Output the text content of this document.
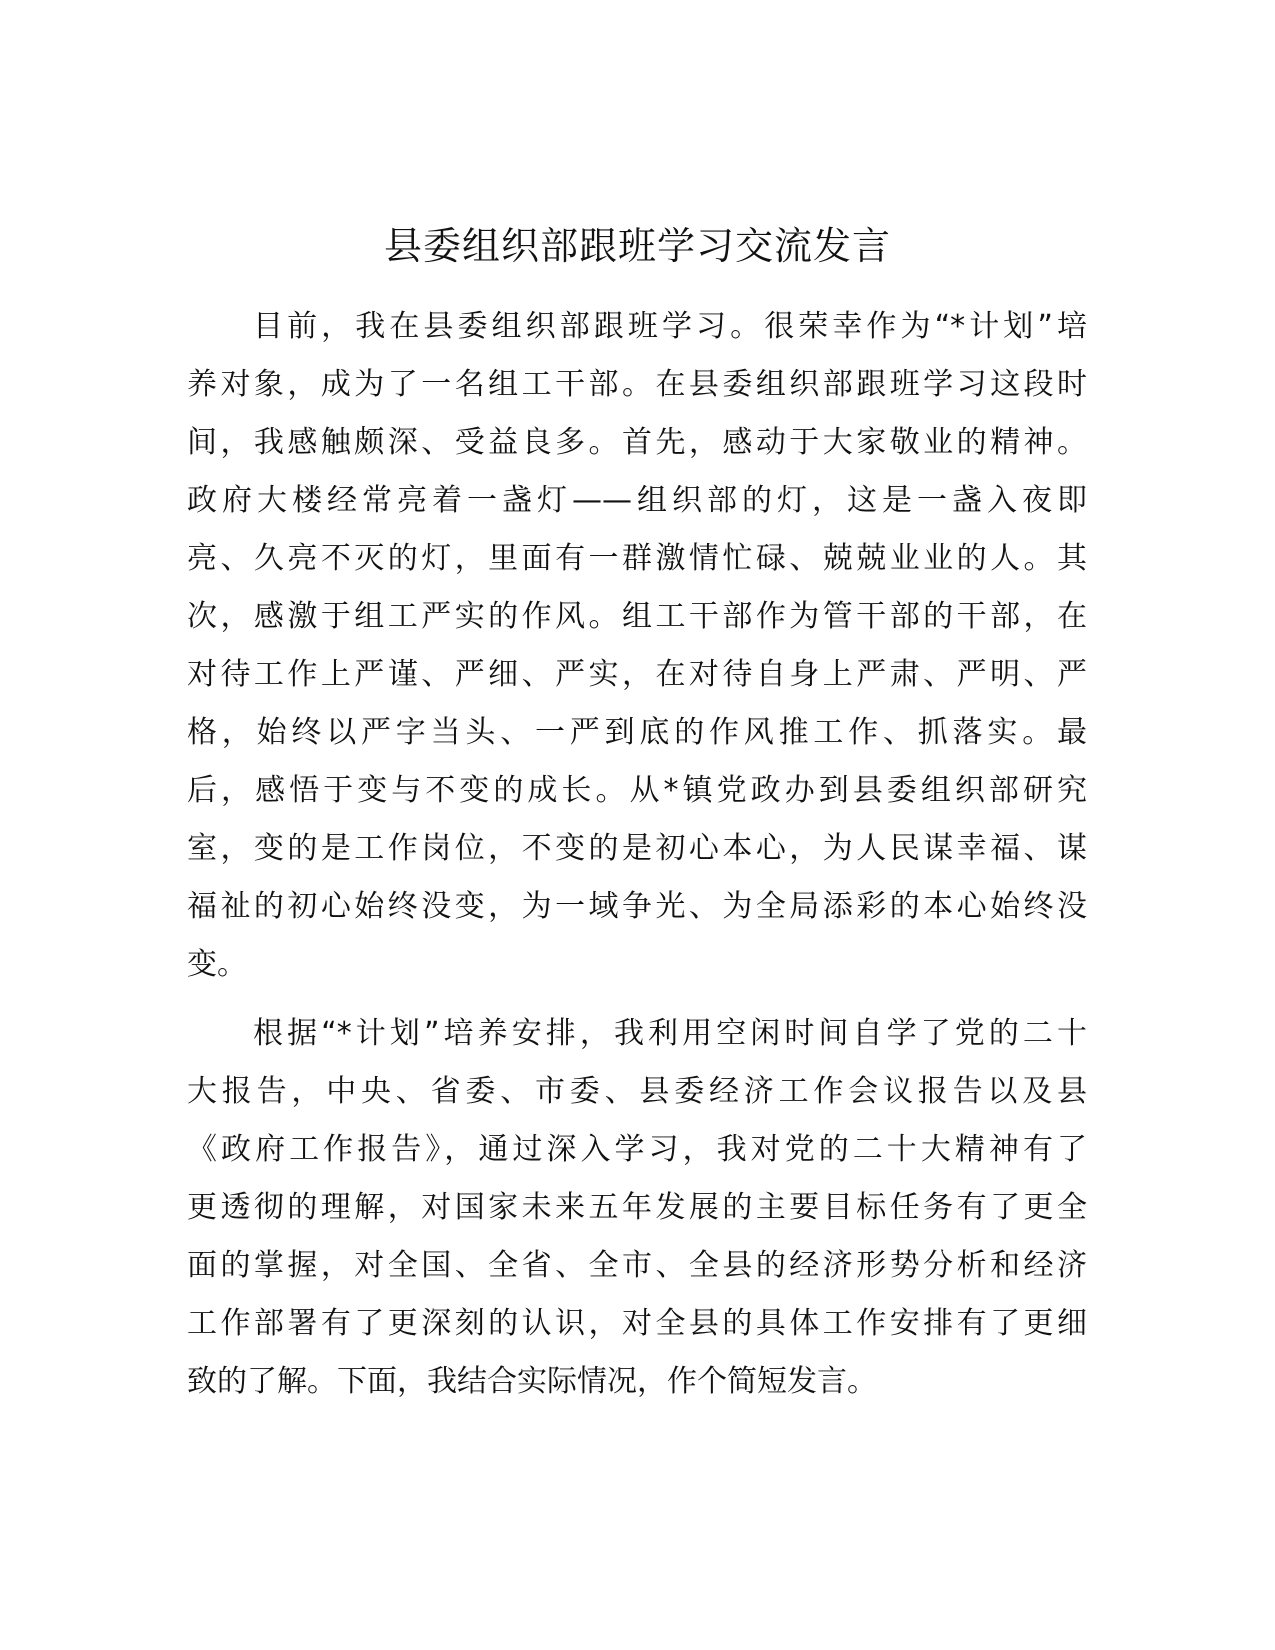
县委组织部跟班学习交流发言
目前，我在县委组织部跟班学习。很荣幸作为“*计划”培
养对象，成为了一名组工干部。在县委组织部跟班学习这段时
间，我感触颇深、受益良多。首先，感动于大家敬业的精神。
政府大楼经常亮着一盏灯——组织部的灯，这是一盏入夜即
亮、久亮不灭的灯，里面有一群激情忙碌、兢兢业业的人。其
次，感激于组工严实的作风。组工干部作为管干部的干部，在
对待工作上严谨、严细、严实，在对待自身上严肃、严明、严
格，始终以严字当头、一严到底的作风推工作、抓落实。最
后，感悟于变与不变的成长。从*镇党政办到县委组织部研究
室，变的是工作岗位，不变的是初心本心，为人民谋幸福、谋
福祉的初心始终没变，为一域争光、为全局添彩的本心始终没
变。
根据“*计划”培养安排，我利用空闲时间自学了党的二十
大报告，中央、省委、市委、县委经济工作会议报告以及县
《政府工作报告》，通过深入学习，我对党的二十大精神有了
更透彻的理解，对国家未来五年发展的主要目标任务有了更全
面的掌握，对全国、全省、全市、全县的经济形势分析和经济
工作部署有了更深刻的认识，对全县的具体工作安排有了更细
致的了解。下面，我结合实际情况，作个简短发言。
